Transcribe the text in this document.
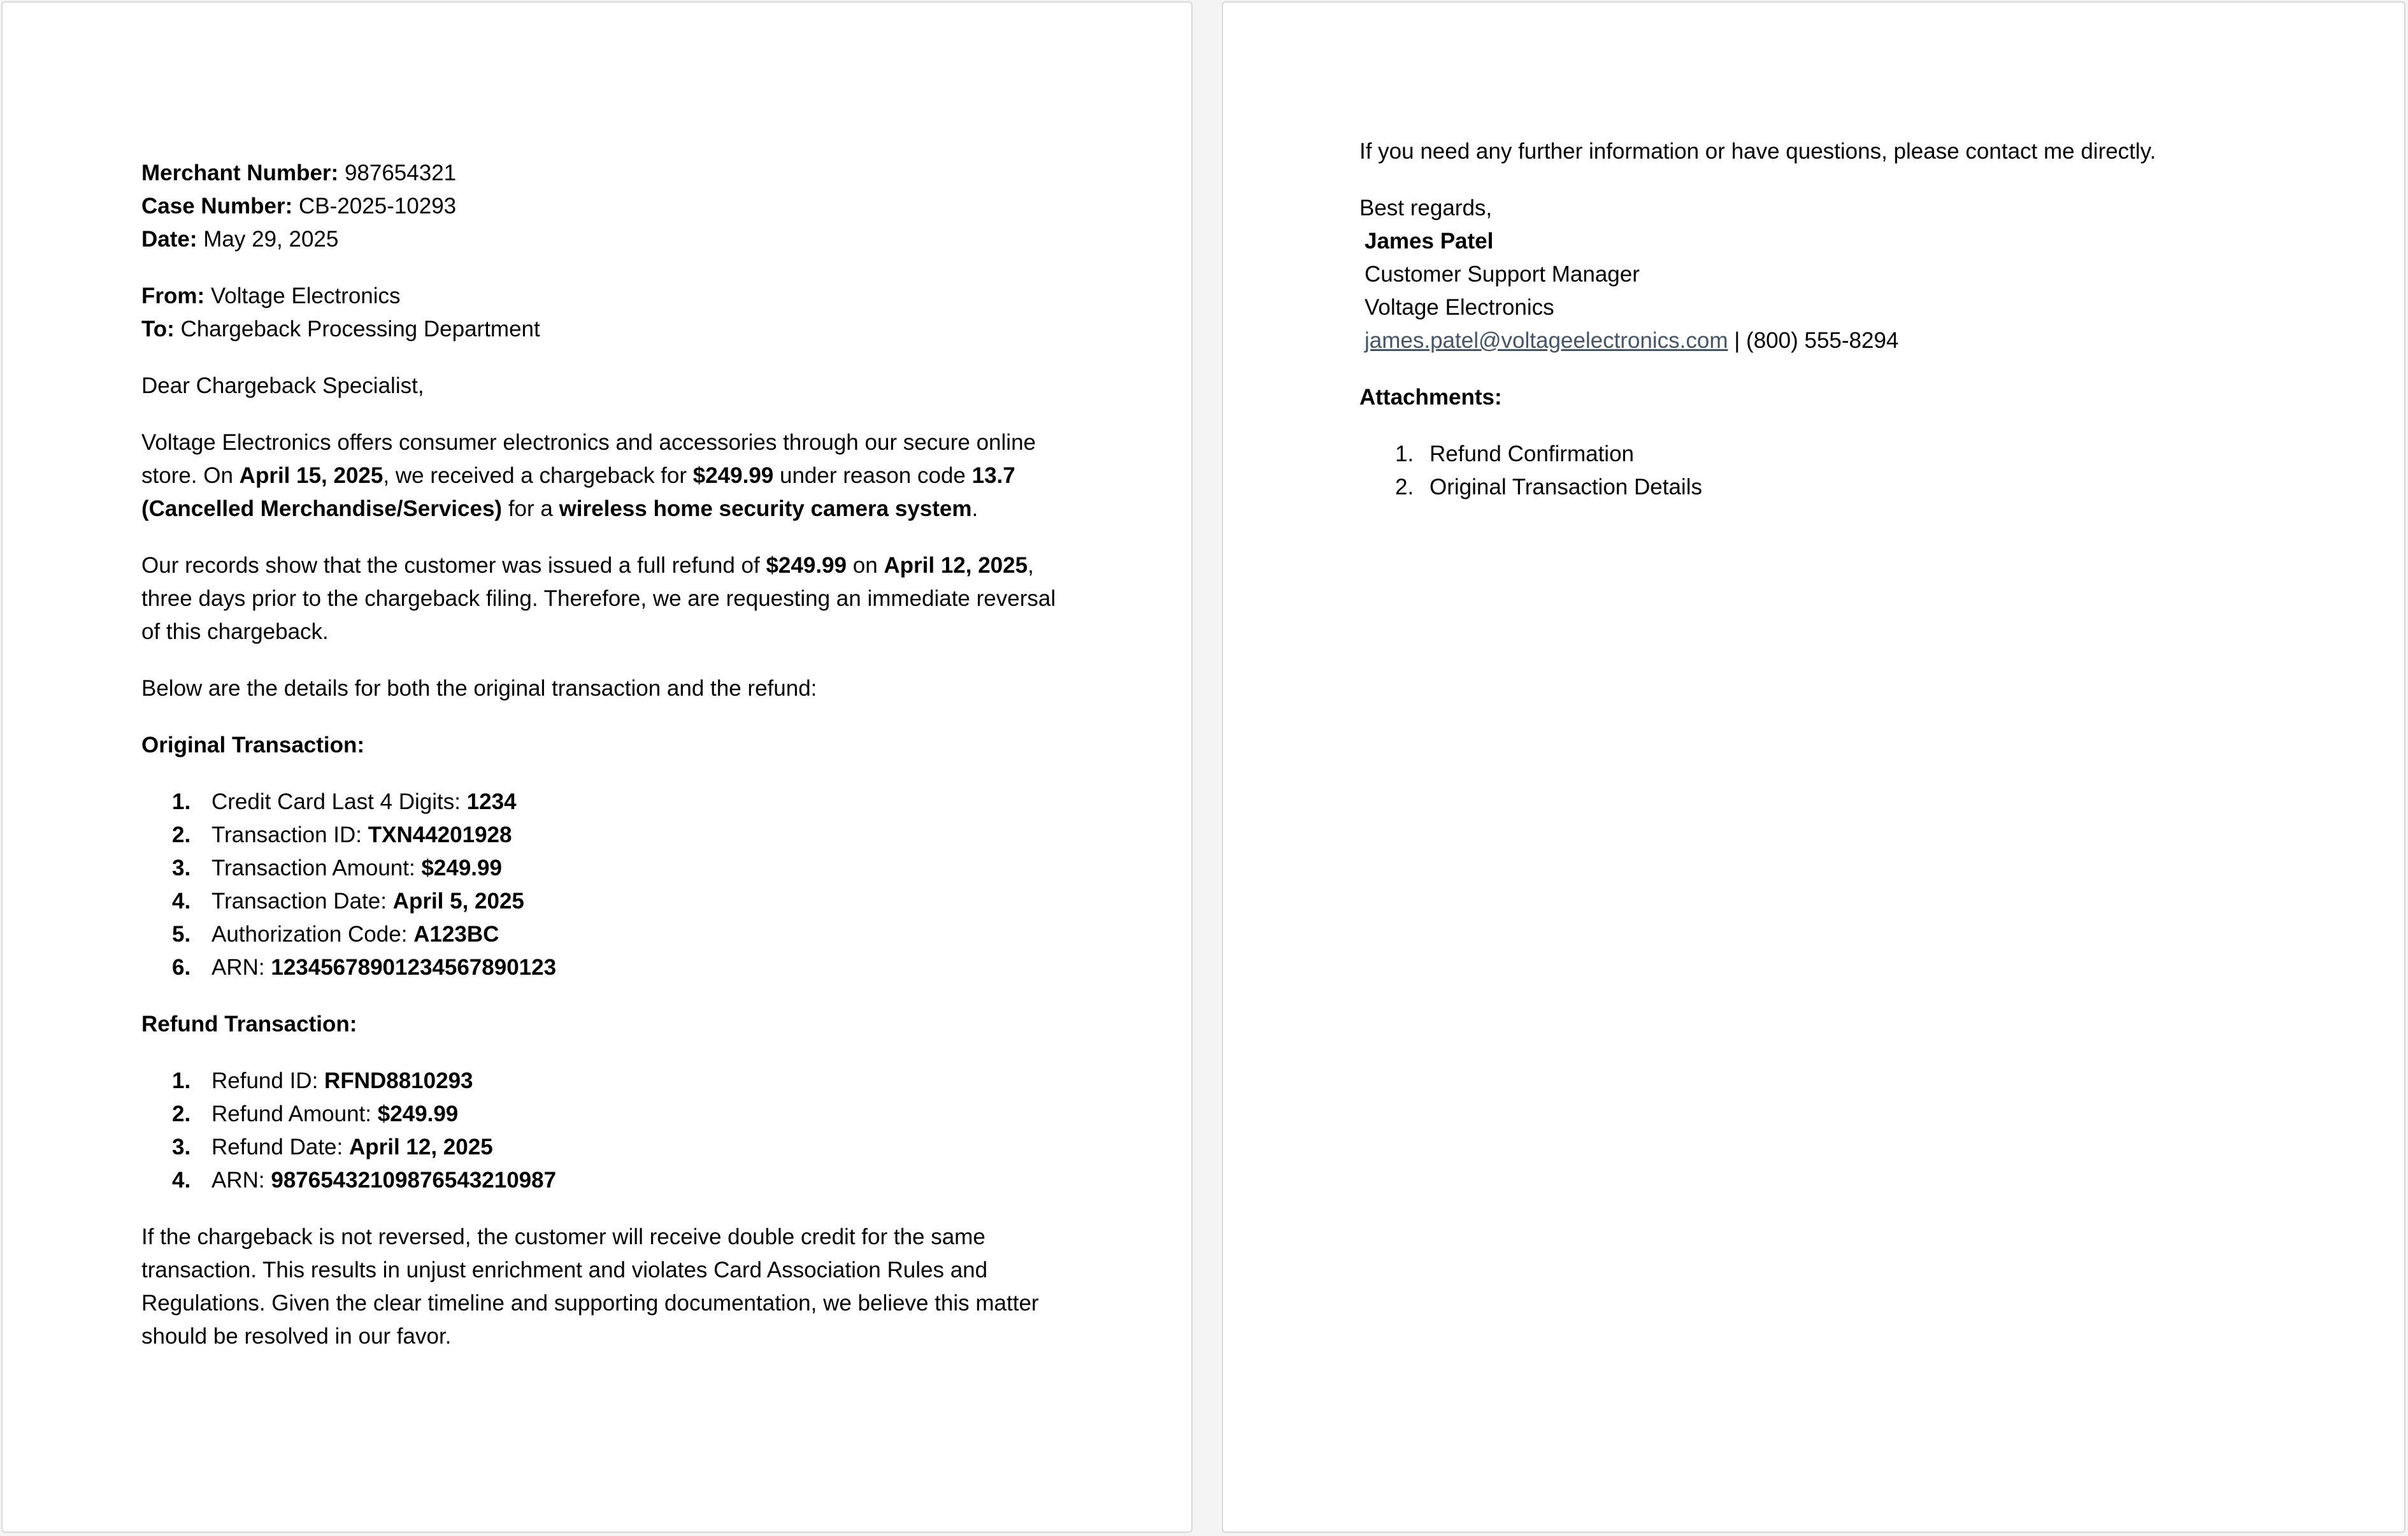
Merchant Number: 987654321

Case Number: CB-2025-10293

Date: May 29, 2025

From: Voltage Electronics

To: Chargeback Processing Department

Dear Chargeback Specialist,

Voltage Electronics offers consumer electronics and accessories through our secure online store. On April 15, 2025, we received a chargeback for $249.99 under reason code 13.7 (Cancelled Merchandise/Services) for a wireless home security camera system.

Our records show that the customer was issued a full refund of $249.99 on April 12, 2025, three days prior to the chargeback filing. Therefore, we are requesting an immediate reversal of this chargeback.

Below are the details for both the original transaction and the refund:

Original Transaction:

1. Credit Card Last 4 Digits: 1234
2. Transaction ID: TXN44201928
3. Transaction Amount: $249.99
4. Transaction Date: April 5, 2025
5. Authorization Code: A123BC
6. ARN: 12345678901234567890123

Refund Transaction:

1. Refund ID: RFND8810293
2. Refund Amount: $249.99
3. Refund Date: April 12, 2025
4. ARN: 98765432109876543210987

If the chargeback is not reversed, the customer will receive double credit for the same transaction. This results in unjust enrichment and violates Card Association Rules and Regulations. Given the clear timeline and supporting documentation, we believe this matter should be resolved in our favor.

If you need any further information or have questions, please contact me directly.

Best regards,

James Patel

Customer Support Manager

Voltage Electronics

james.patel@voltageelectronics.com | (800) 555-8294

Attachments:

1. Refund Confirmation
2. Original Transaction Details
